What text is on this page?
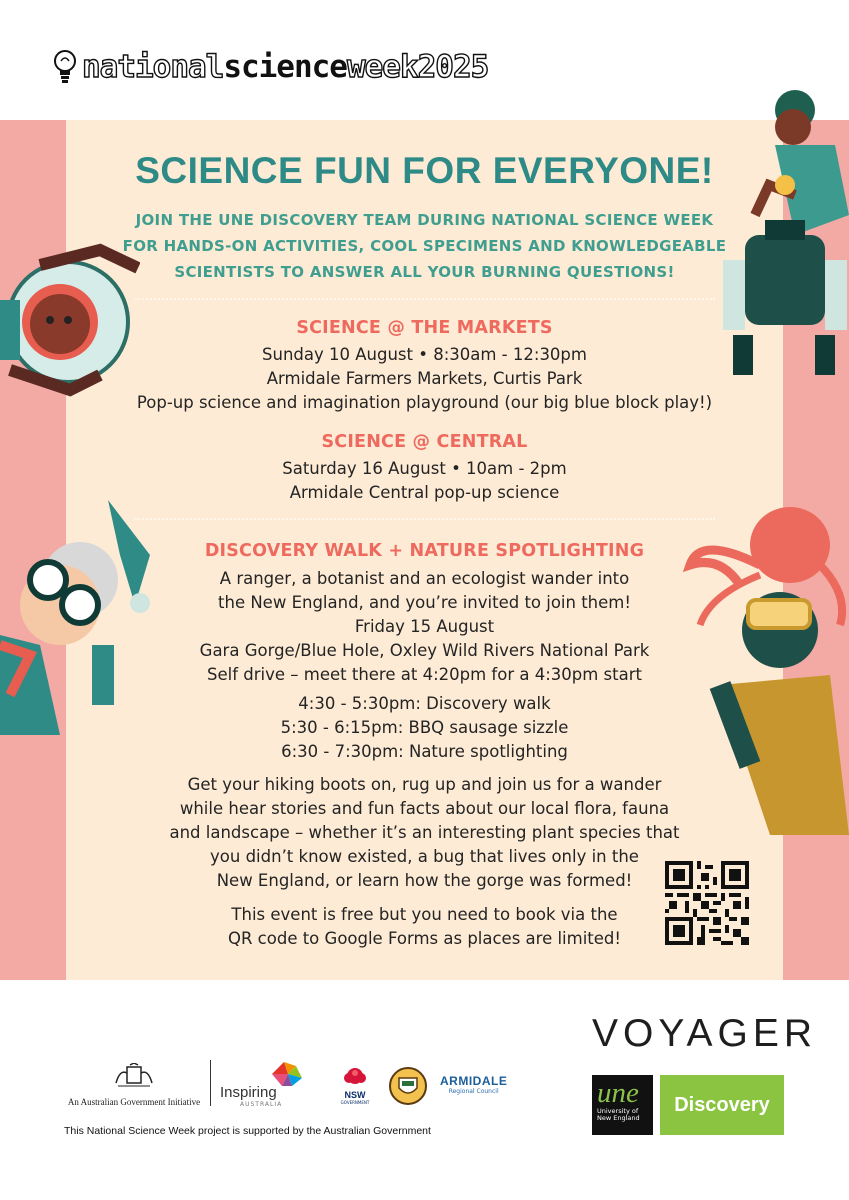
national science week2025
SCIENCE FUN FOR EVERYONE!
JOIN THE UNE DISCOVERY TEAM DURING NATIONAL SCIENCE WEEK
FOR HANDS-ON ACTIVITIES, COOL SPECIMENS AND KNOWLEDGEABLE
SCIENTISTS TO ANSWER ALL YOUR BURNING QUESTIONS!
SCIENCE @ THE MARKETS
Sunday 10 August • 8:30am - 12:30pm
Armidale Farmers Markets, Curtis Park
Pop-up science and imagination playground (our big blue block play!)
SCIENCE @ CENTRAL
Saturday 16 August • 10am - 2pm
Armidale Central pop-up science
DISCOVERY WALK + NATURE SPOTLIGHTING
A ranger, a botanist and an ecologist wander into
the New England, and you’re invited to join them!
Friday 15 August
Gara Gorge/Blue Hole, Oxley Wild Rivers National Park
Self drive – meet there at 4:20pm for a 4:30pm start
4:30 - 5:30pm: Discovery walk
5:30 - 6:15pm: BBQ sausage sizzle
6:30 - 7:30pm: Nature spotlighting
Get your hiking boots on, rug up and join us for a wander
while hear stories and fun facts about our local flora, fauna
and landscape – whether it’s an interesting plant species that
you didn’t know existed, a bug that lives only in the
New England, or learn how the gorge was formed!
This event is free but you need to book via the
QR code to Google Forms as places are limited!
An Australian Government Initiative
Inspiring
AUSTRALIA
NSW
GOVERNMENT
ARMIDALE
Regional Council
VOYAGER
une
University of
New England
Discovery
This National Science Week project is supported by the Australian Government
